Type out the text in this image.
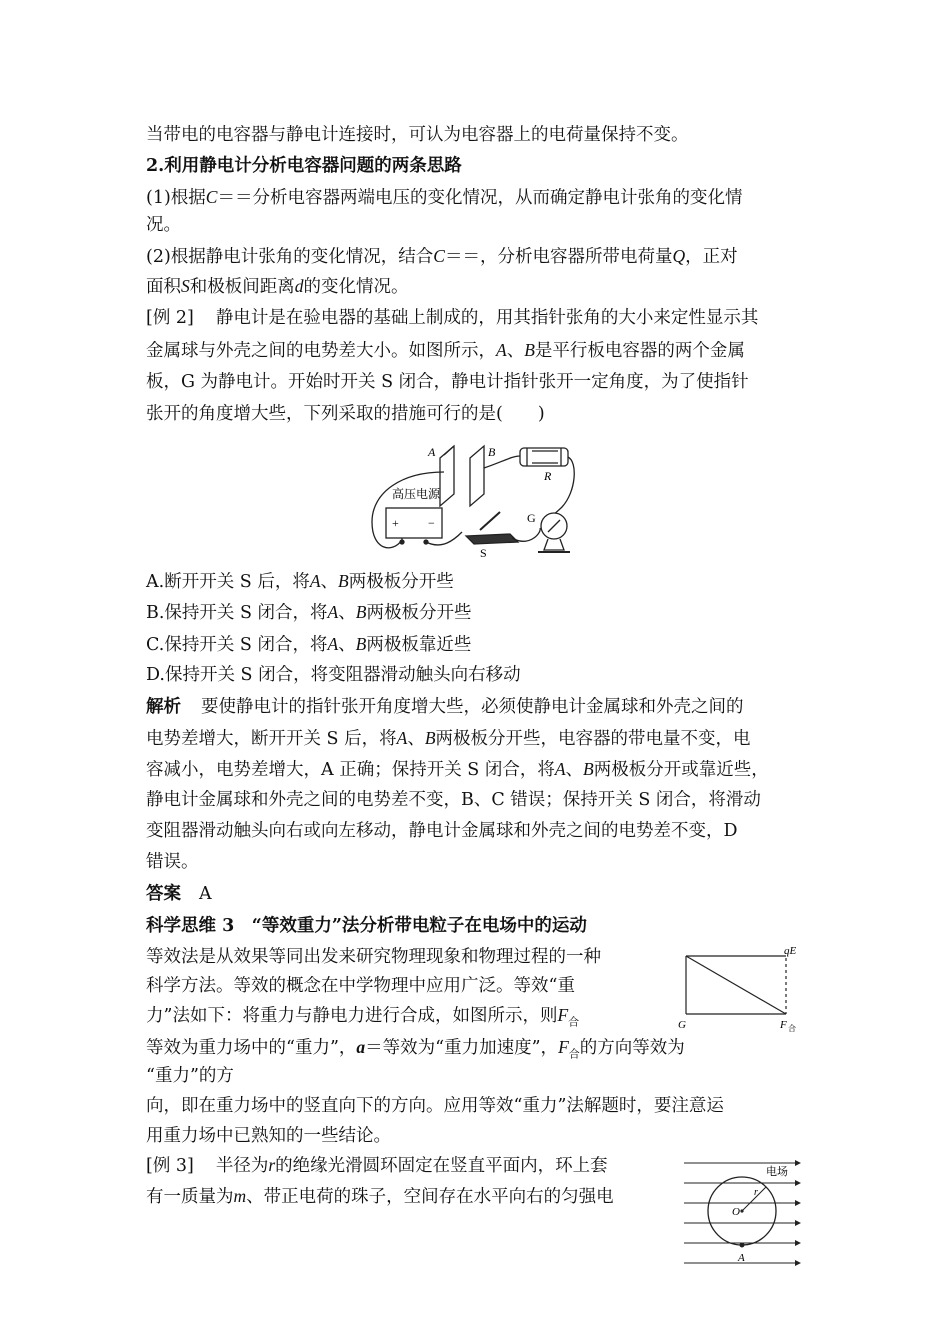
当带电的电容器与静电计连接时，可认为电容器上的电荷量保持不变。
2.利用静电计分析电容器问题的两条思路
(1)根据C＝＝分析电容器两端电压的变化情况，从而确定静电计张角的变化情
况。
(2)根据静电计张角的变化情况，结合C＝＝，分析电容器所带电荷量Q，正对
面积S和极板间距离d的变化情况。
[例 2] 静电计是在验电器的基础上制成的，用其指针张角的大小来定性显示其
金属球与外壳之间的电势差大小。如图所示，A、B是平行板电容器的两个金属
板，G 为静电计。开始时开关 S 闭合，静电计指针张开一定角度，为了使指针
张开的角度增大些，下列采取的措施可行的是(　　)
A	B
R
高压电源
+ −
S
G
A.断开开关 S 后，将A、B两极板分开些
B.保持开关 S 闭合，将A、B两极板分开些
C.保持开关 S 闭合，将A、B两极板靠近些
D.保持开关 S 闭合，将变阻器滑动触头向右移动
解析 要使静电计的指针张开角度增大些，必须使静电计金属球和外壳之间的
电势差增大，断开开关 S 后，将A、B两极板分开些，电容器的带电量不变，电
容减小，电势差增大，A 正确；保持开关 S 闭合，将A、B两极板分开或靠近些，
静电计金属球和外壳之间的电势差不变，B、C 错误；保持开关 S 闭合，将滑动
变阻器滑动触头向右或向左移动，静电计金属球和外壳之间的电势差不变，D
错误。
答案 A
科学思维 3　“等效重力”法分析带电粒子在电场中的运动
等效法是从效果等同出发来研究物理现象和物理过程的一种
科学方法。等效的概念在中学物理中应用广泛。等效“重
力”法如下：将重力与静电力进行合成，如图所示，则$F_合$
等效为重力场中的“重力”，a＝等效为“重力加速度”，$F_合$的方向等效为
“重力”的方
向，即在重力场中的竖直向下的方向。应用等效“重力”法解题时，要注意运
用重力场中已熟知的一些结论。
qE
G	F 合
[例 3] 半径为r的绝缘光滑圆环固定在竖直平面内，环上套
有一质量为m、带正电荷的珠子，空间存在水平向右的匀强电
电场
O
r
A
